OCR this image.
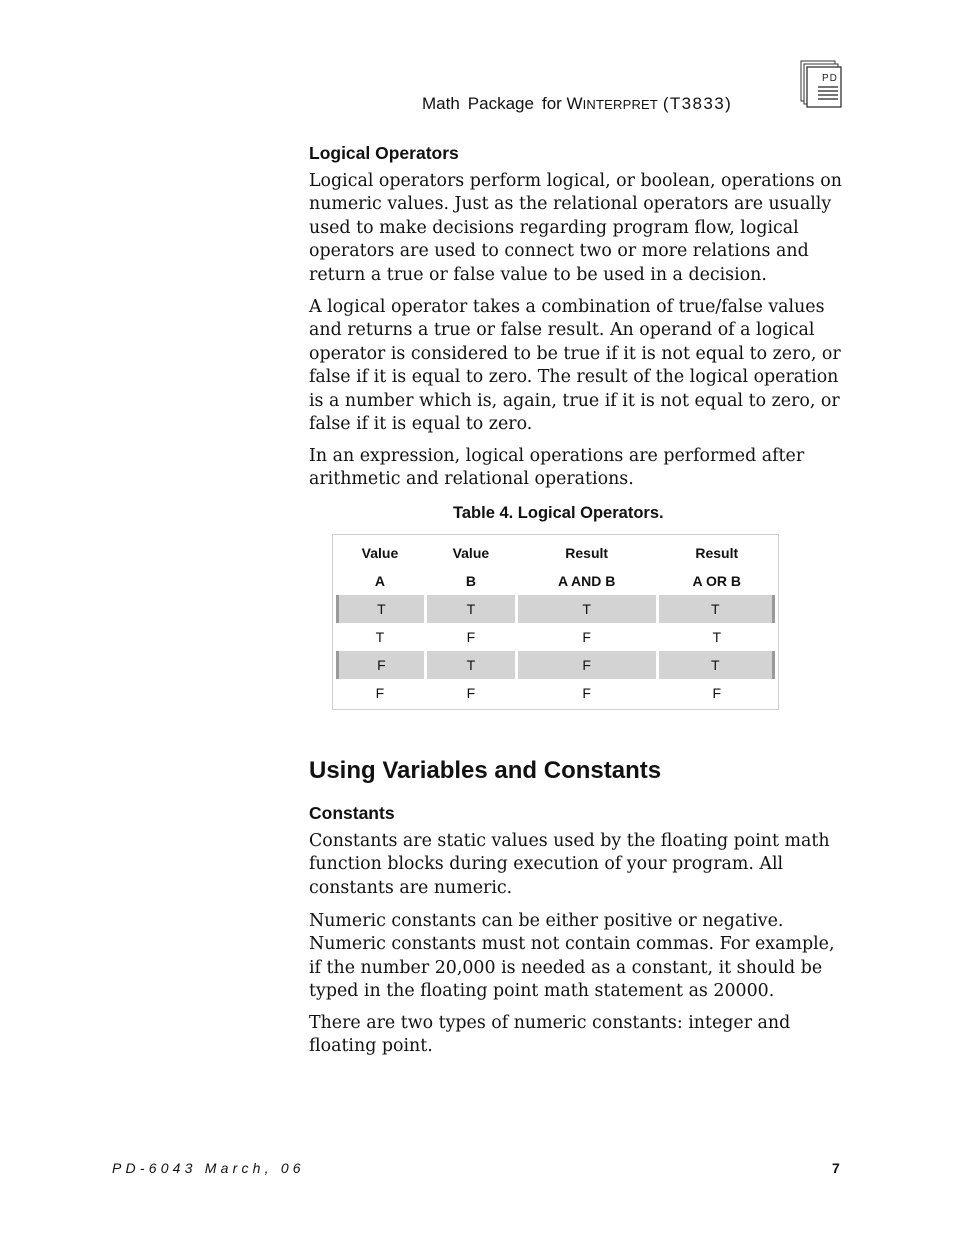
Math Package for WINTERPRET (T3833)
PD
Logical Operators

Logical operators perform logical, or boolean, operations on numeric values. Just as the relational operators are usually used to make decisions regarding program flow, logical operators are used to connect two or more relations and return a true or false value to be used in a decision.

A logical operator takes a combination of true/false values and returns a true or false result. An operand of a logical operator is considered to be true if it is not equal to zero, or false if it is equal to zero. The result of the logical operation is a number which is, again, true if it is not equal to zero, or false if it is equal to zero.

In an expression, logical operations are performed after arithmetic and relational operations.

Table 4. Logical Operators.
Value	Value	Result	Result
A	B	A AND B	A OR B
T	T	T	T
T	F	F	T
F	T	F	T
F	F	F	F
Using Variables and Constants
Constants

Constants are static values used by the floating point math function blocks during execution of your program. All constants are numeric.

Numeric constants can be either positive or negative. Numeric constants must not contain commas. For example, if the number 20,000 is needed as a constant, it should be typed in the floating point math statement as 20000.

There are two types of numeric constants: integer and floating point.

PD-6043 March, 06	7
